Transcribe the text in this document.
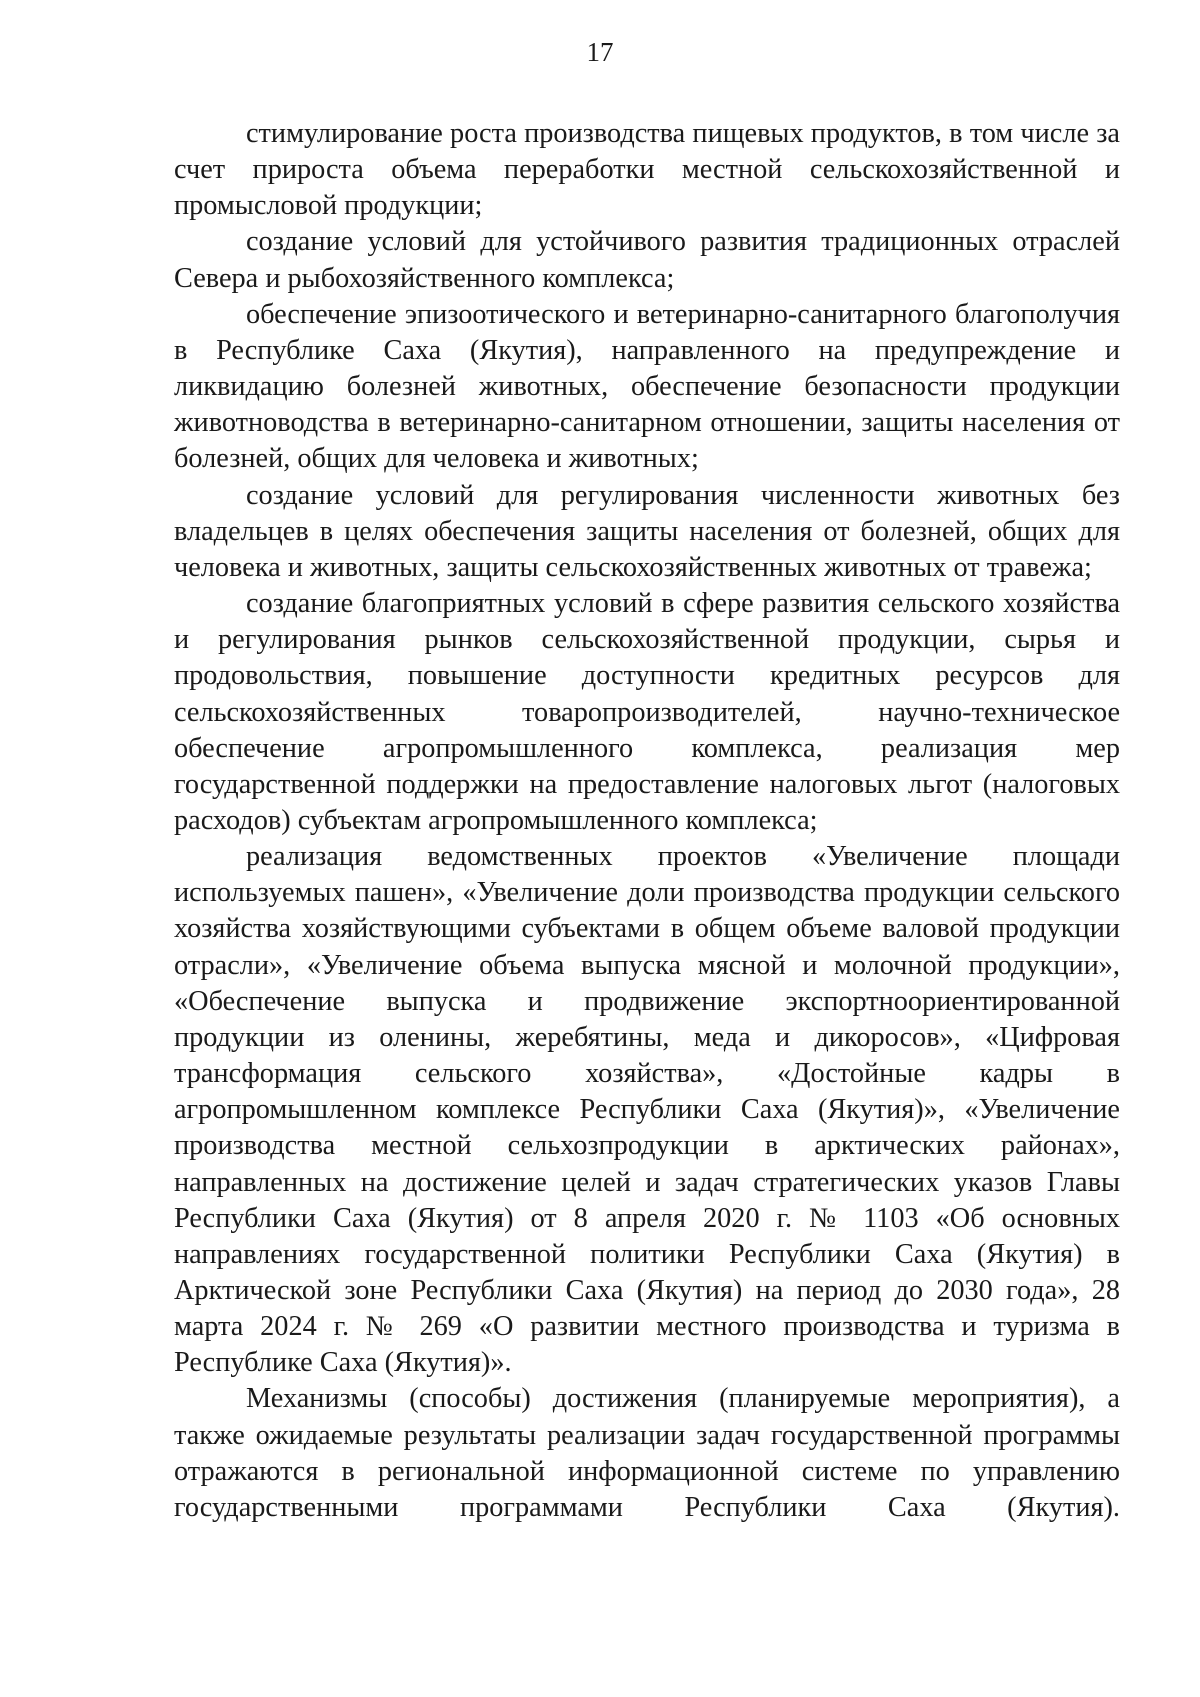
17

стимулирование роста производства пищевых продуктов, в том числе за счет прироста объема переработки местной сельскохозяйственной и промысловой продукции;

создание условий для устойчивого развития традиционных отраслей Севера и рыбохозяйственного комплекса;

обеспечение эпизоотического и ветеринарно-санитарного благополучия в Республике Саха (Якутия), направленного на предупреждение и ликвидацию болезней животных, обеспечение безопасности продукции животноводства в ветеринарно-санитарном отношении, защиты населения от болезней, общих для человека и животных;

создание условий для регулирования численности животных без владельцев в целях обеспечения защиты населения от болезней, общих для человека и животных, защиты сельскохозяйственных животных от травежа;

создание благоприятных условий в сфере развития сельского хозяйства и регулирования рынков сельскохозяйственной продукции, сырья и продовольствия, повышение доступности кредитных ресурсов для сельскохозяйственных товаропроизводителей, научно-техническое обеспечение агропромышленного комплекса, реализация мер государственной поддержки на предоставление налоговых льгот (налоговых расходов) субъектам агропромышленного комплекса;

реализация ведомственных проектов «Увеличение площади используемых пашен», «Увеличение доли производства продукции сельского хозяйства хозяйствующими субъектами в общем объеме валовой продукции отрасли», «Увеличение объема выпуска мясной и молочной продукции», «Обеспечение выпуска и продвижение экспортноориентированной продукции из оленины, жеребятины, меда и дикоросов», «Цифровая трансформация сельского хозяйства», «Достойные кадры в агропромышленном комплексе Республики Саха (Якутия)», «Увеличение производства местной сельхозпродукции в арктических районах», направленных на достижение целей и задач стратегических указов Главы Республики Саха (Якутия) от 8 апреля 2020 г. № 1103 «Об основных направлениях государственной политики Республики Саха (Якутия) в Арктической зоне Республики Саха (Якутия) на период до 2030 года», 28 марта 2024 г. № 269 «О развитии местного производства и туризма в Республике Саха (Якутия)».

Механизмы (способы) достижения (планируемые мероприятия), а также ожидаемые результаты реализации задач государственной программы отражаются в региональной информационной системе по управлению государственными программами Республики Саха (Якутия).
